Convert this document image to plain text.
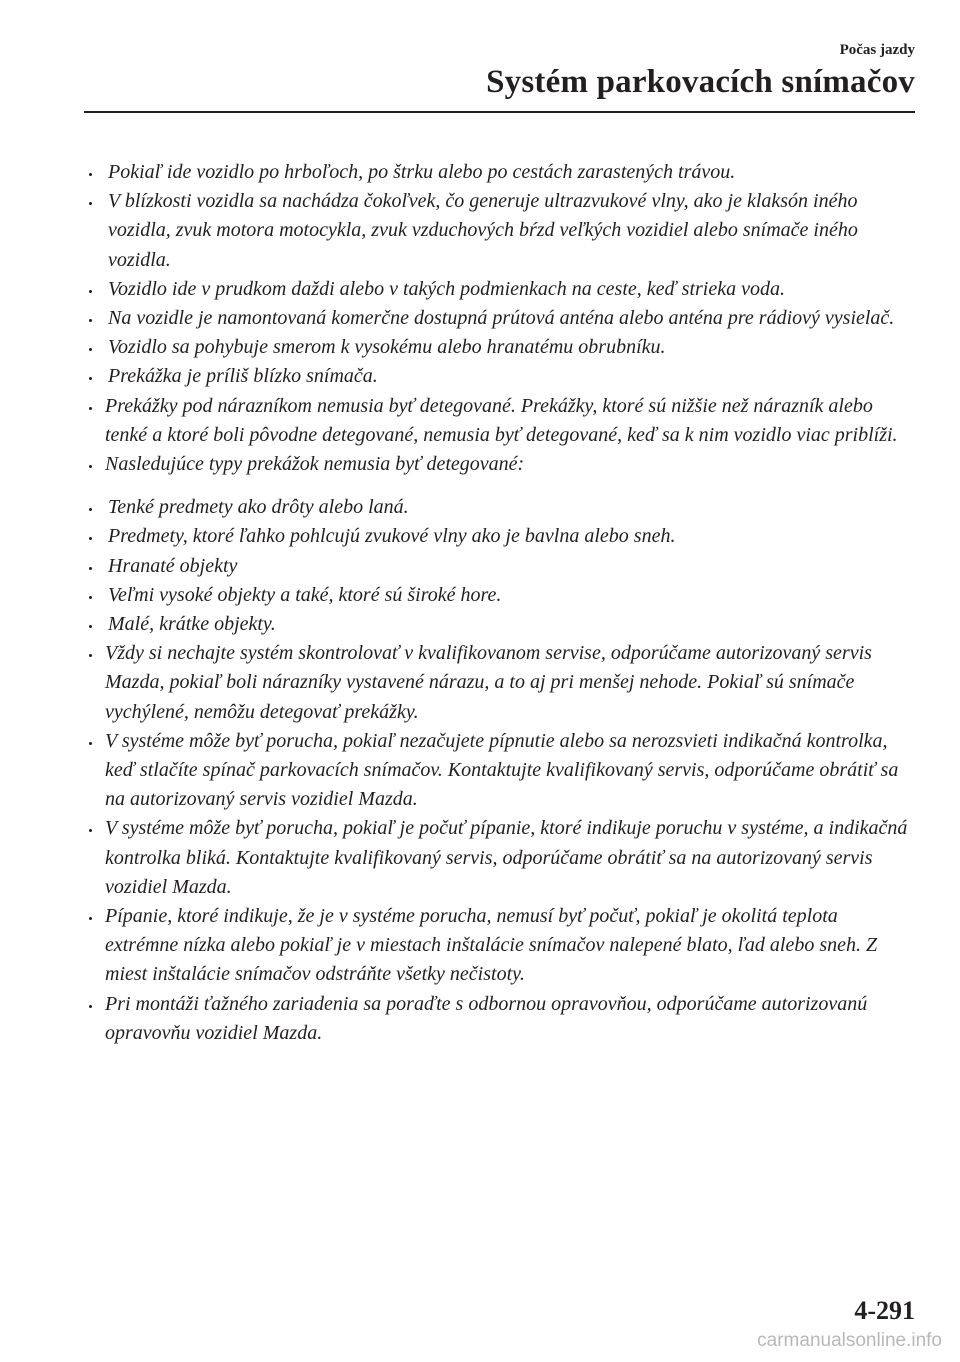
Počas jazdy
Systém parkovacích snímačov
Pokiaľ ide vozidlo po hrboľoch, po štrku alebo po cestách zarastených trávou.
V blízkosti vozidla sa nachádza čokoľvek, čo generuje ultrazvukové vlny, ako je klaksón iného vozidla, zvuk motora motocykla, zvuk vzduchových bŕzd veľkých vozidiel alebo snímače iného vozidla.
Vozidlo ide v prudkom daždi alebo v takých podmienkach na ceste, keď strieka voda.
Na vozidle je namontovaná komerčne dostupná prútová anténa alebo anténa pre rádiový vysielač.
Vozidlo sa pohybuje smerom k vysokému alebo hranatému obrubníku.
Prekážka je príliš blízko snímača.
Prekážky pod nárazníkom nemusia byť detegované. Prekážky, ktoré sú nižšie než nárazník alebo tenké a ktoré boli pôvodne detegované, nemusia byť detegované, keď sa k nim vozidlo viac priblíži.
Nasledujúce typy prekážok nemusia byť detegované:
Tenké predmety ako drôty alebo laná.
Predmety, ktoré ľahko pohlcujú zvukové vlny ako je bavlna alebo sneh.
Hranaté objekty
Veľmi vysoké objekty a také, ktoré sú široké hore.
Malé, krátke objekty.
Vždy si nechajte systém skontrolovať v kvalifikovanom servise, odporúčame autorizovaný servis Mazda, pokiaľ boli nárazníky vystavené nárazu, a to aj pri menšej nehode. Pokiaľ sú snímače vychýlené, nemôžu detegovať prekážky.
V systéme môže byť porucha, pokiaľ nezačujete pípnutie alebo sa nerozsvieti indikačná kontrolka, keď stlačíte spínač parkovacích snímačov. Kontaktujte kvalifikovaný servis, odporúčame obrátiť sa na autorizovaný servis vozidiel Mazda.
V systéme môže byť porucha, pokiaľ je počuť pípanie, ktoré indikuje poruchu v systéme, a indikačná kontrolka bliká. Kontaktujte kvalifikovaný servis, odporúčame obrátiť sa na autorizovaný servis vozidiel Mazda.
Pípanie, ktoré indikuje, že je v systéme porucha, nemusí byť počuť, pokiaľ je okolitá teplota extrémne nízka alebo pokiaľ je v miestach inštalácie snímačov nalepené blato, ľad alebo sneh. Z miest inštalácie snímačov odstráňte všetky nečistoty.
Pri montáži ťažného zariadenia sa poraďte s odbornou opravovňou, odporúčame autorizovanú opravovňu vozidiel Mazda.
4-291
carmanualsonline.info
